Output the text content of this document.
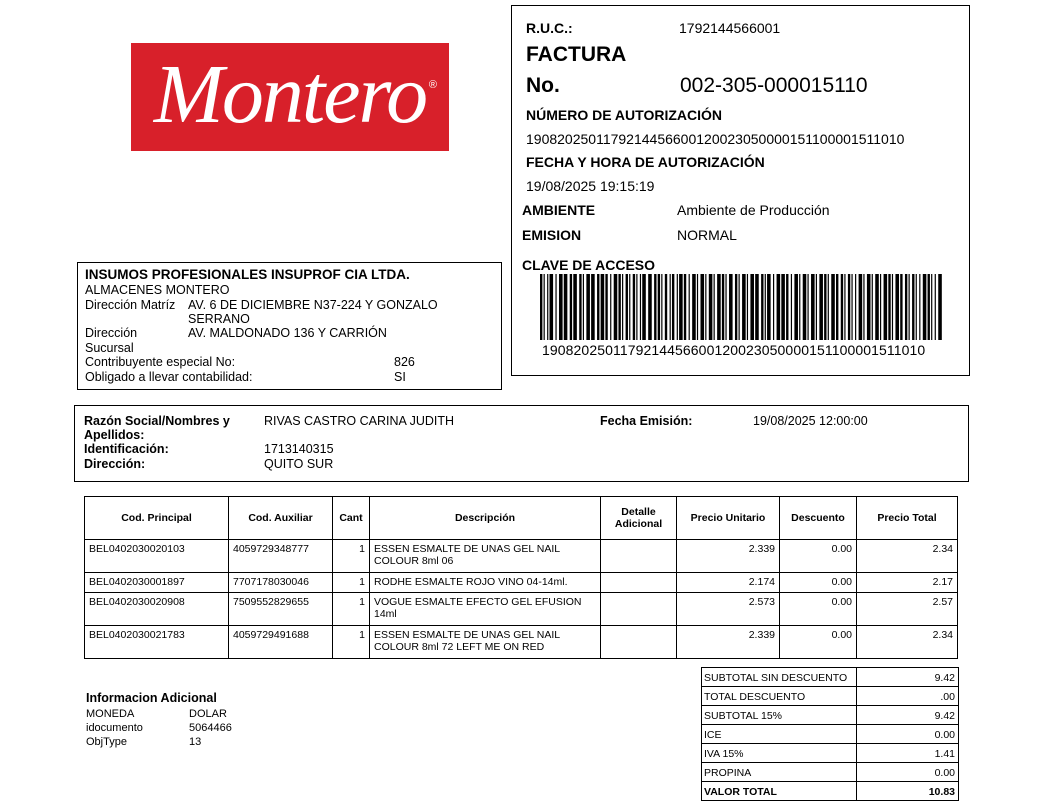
Montero ®
R.U.C.:	1792144566001
FACTURA
No.	002-305-000015110
NÚMERO DE AUTORIZACIÓN
1908202501179214456600120023050000151100001511010
FECHA Y HORA DE AUTORIZACIÓN
19/08/2025 19:15:19
AMBIENTE	Ambiente de Producción
EMISION	NORMAL
CLAVE DE ACCESO
1908202501179214456600120023050000151100001511010
INSUMOS PROFESIONALES INSUPROF CIA LTDA.
ALMACENES MONTERO
Dirección Matríz AV. 6 DE DICIEMBRE N37-224 Y GONZALO
SERRANO
Dirección	AV. MALDONADO 136 Y CARRIÓN
Sucursal
Contribuyente especial No:	826
Obligado a llevar contabilidad:	SI
Razón Social/Nombres y
Apellidos:
RIVAS CASTRO CARINA JUDITH	Fecha Emisión:	19/08/2025 12:00:00
Identificación:	1713140315
Dirección:	QUITO SUR
Cod. Principal	Cod. Auxiliar	Cant	Descripción	Detalle Adicional	Precio Unitario	Descuento	Precio Total
BEL0402030020103	4059729348777	1	ESSEN ESMALTE DE UNAS GEL NAIL COLOUR 8ml 06		2.339	0.00	2.34
BEL0402030001897	7707178030046	1	RODHE ESMALTE ROJO VINO 04-14ml.		2.174	0.00	2.17
BEL0402030020908	7509552829655	1	VOGUE ESMALTE EFECTO GEL EFUSION 14ml		2.573	0.00	2.57
BEL0402030021783	4059729491688	1	ESSEN ESMALTE DE UNAS GEL NAIL COLOUR 8ml 72 LEFT ME ON RED		2.339	0.00	2.34
SUBTOTAL SIN DESCUENTO	9.42
TOTAL DESCUENTO	.00
SUBTOTAL 15%	9.42
ICE	0.00
IVA 15%	1.41
PROPINA	0.00
VALOR TOTAL	10.83
Informacion Adicional
MONEDA	DOLAR
idocumento	5064466
ObjType	13
